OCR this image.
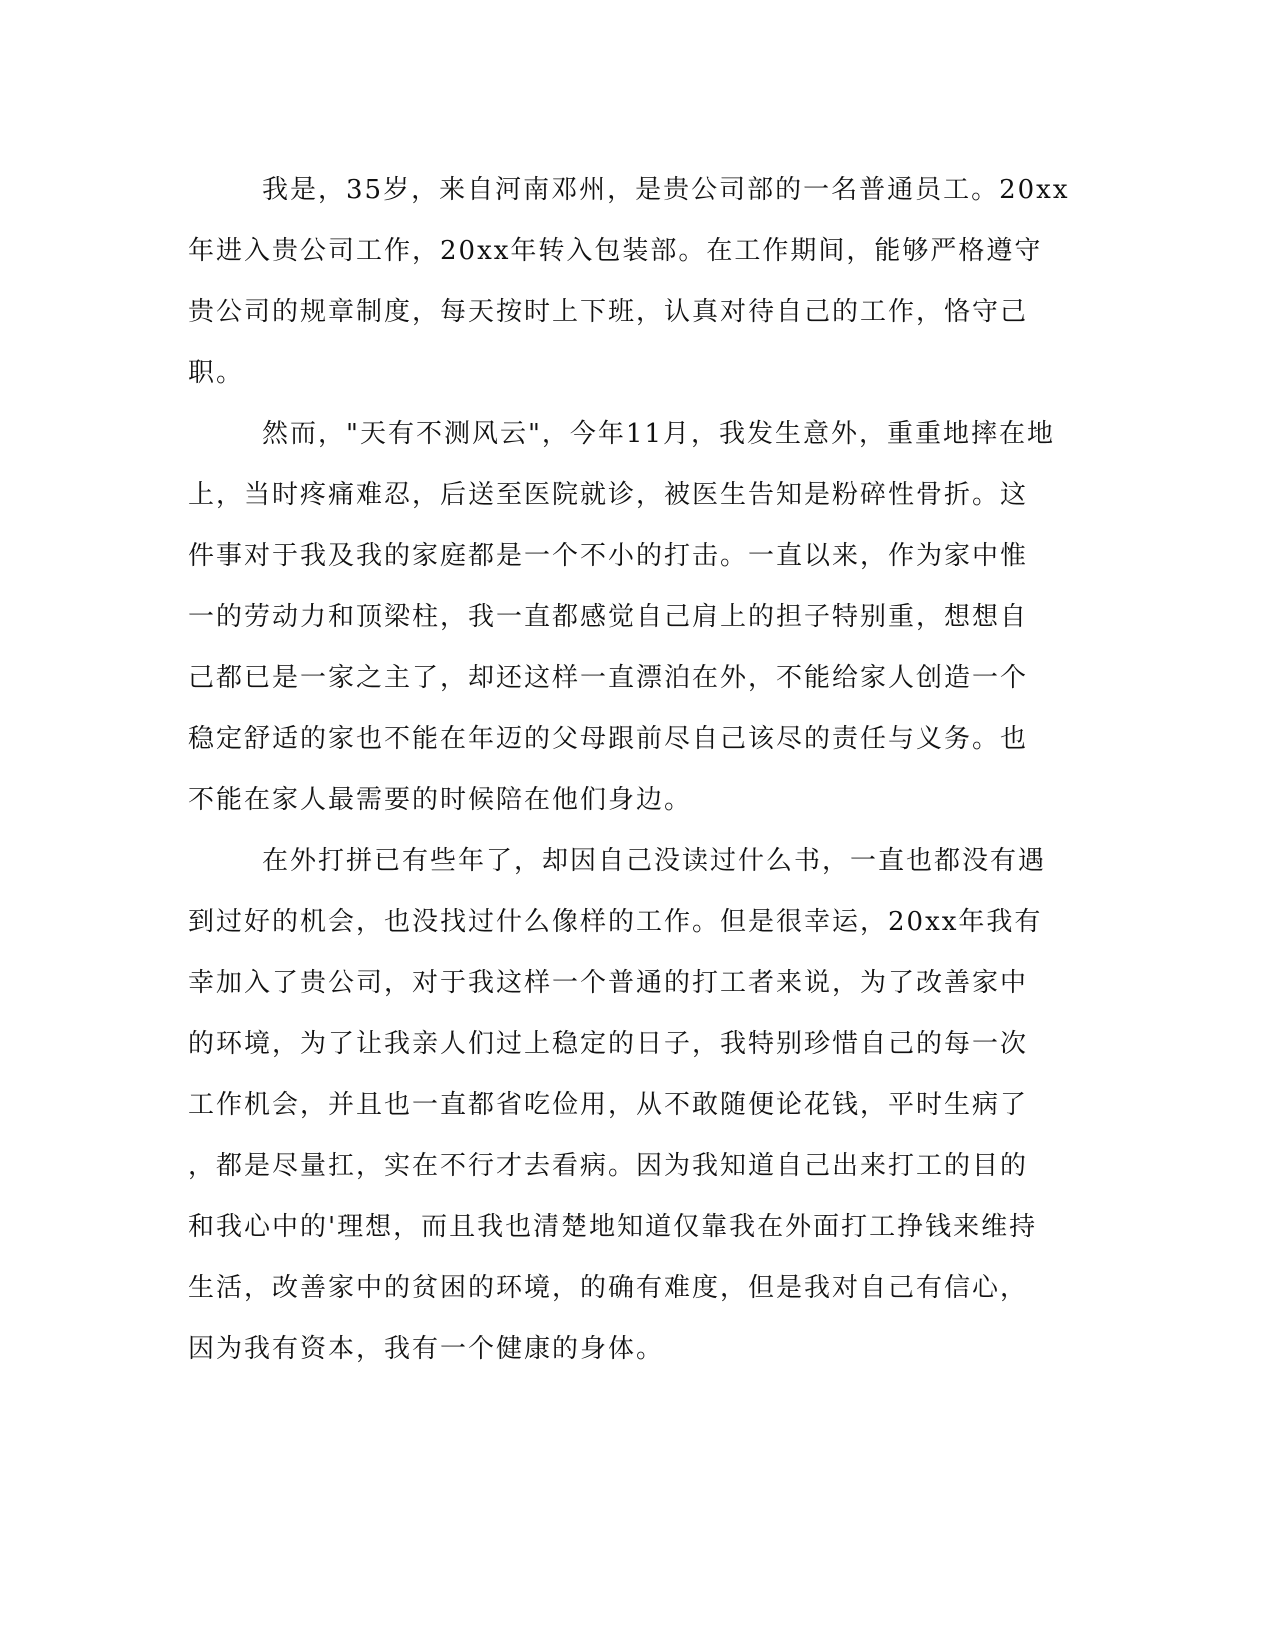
我是，35岁，来自河南邓州，是贵公司部的一名普通员工。20xx
年进入贵公司工作，20xx年转入包装部。在工作期间，能够严格遵守
贵公司的规章制度，每天按时上下班，认真对待自己的工作，恪守己
职。

然而，"天有不测风云"，今年11月，我发生意外，重重地摔在地
上，当时疼痛难忍，后送至医院就诊，被医生告知是粉碎性骨折。这
件事对于我及我的家庭都是一个不小的打击。一直以来，作为家中惟
一的劳动力和顶梁柱，我一直都感觉自己肩上的担子特别重，想想自
己都已是一家之主了，却还这样一直漂泊在外，不能给家人创造一个
稳定舒适的家也不能在年迈的父母跟前尽自己该尽的责任与义务。也
不能在家人最需要的时候陪在他们身边。

在外打拼已有些年了，却因自己没读过什么书，一直也都没有遇
到过好的机会，也没找过什么像样的工作。但是很幸运，20xx年我有
幸加入了贵公司，对于我这样一个普通的打工者来说，为了改善家中
的环境，为了让我亲人们过上稳定的日子，我特别珍惜自己的每一次
工作机会，并且也一直都省吃俭用，从不敢随便论花钱，平时生病了
，都是尽量扛，实在不行才去看病。因为我知道自己出来打工的目的
和我心中的'理想，而且我也清楚地知道仅靠我在外面打工挣钱来维持
生活，改善家中的贫困的环境，的确有难度，但是我对自己有信心，
因为我有资本，我有一个健康的身体。
